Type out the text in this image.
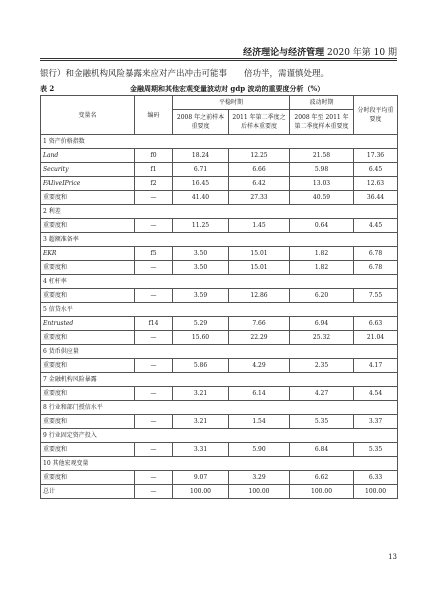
经济理论与经济管理 2020 年第 10 期
银行）和金融机构风险暴露来应对产出冲击可能事　　倍功半，需谨慎处理。
表 2	金融周期和其他宏观变量波动对 gdp 波动的重要度分析（%）
变量名	编码	平稳时期		波动时期	分时段平均重要度
		2008 年之前样本重要度	2011 年第二季度之后样本重要度	2008 年至 2011 年第二季度样本重要度	
1 资产价格指数					
Land	f0	18.24	12.25	21.58	17.36
Security	f1	6.71	6.66	5.98	6.45
FAIiveIPrice	f2	16.45	6.42	13.03	12.63
重要度和	—	41.40	27.33	40.59	36.44
2 利差					
重要度和	—	11.25	1.45	0.64	4.45
3 超额准备率					
EKR	f5	3.50	15.01	1.82	6.78
重要度和	—	3.50	15.01	1.82	6.78
4 杠杆率					
重要度和	—	3.59	12.86	6.20	7.55
5 信贷水平					
Entrusted	f14	5.29	7.66	6.94	6.63
重要度和	—	15.60	22.29	25.32	21.04
6 货币供应量					
重要度和	—	5.86	4.29	2.35	4.17
7 金融机构风险暴露					
重要度和	—	3.21	6.14	4.27	4.54
8 行业和部门授信水平					
重要度和	—	3.21	1.54	5.35	3.37
9 行业固定资产投入					
重要度和	—	3.31	5.90	6.84	5.35
10 其他宏观变量					
重要度和	—	9.07	3.29	6.62	6.33
总计	—	100.00	100.00	100.00	100.00
13
